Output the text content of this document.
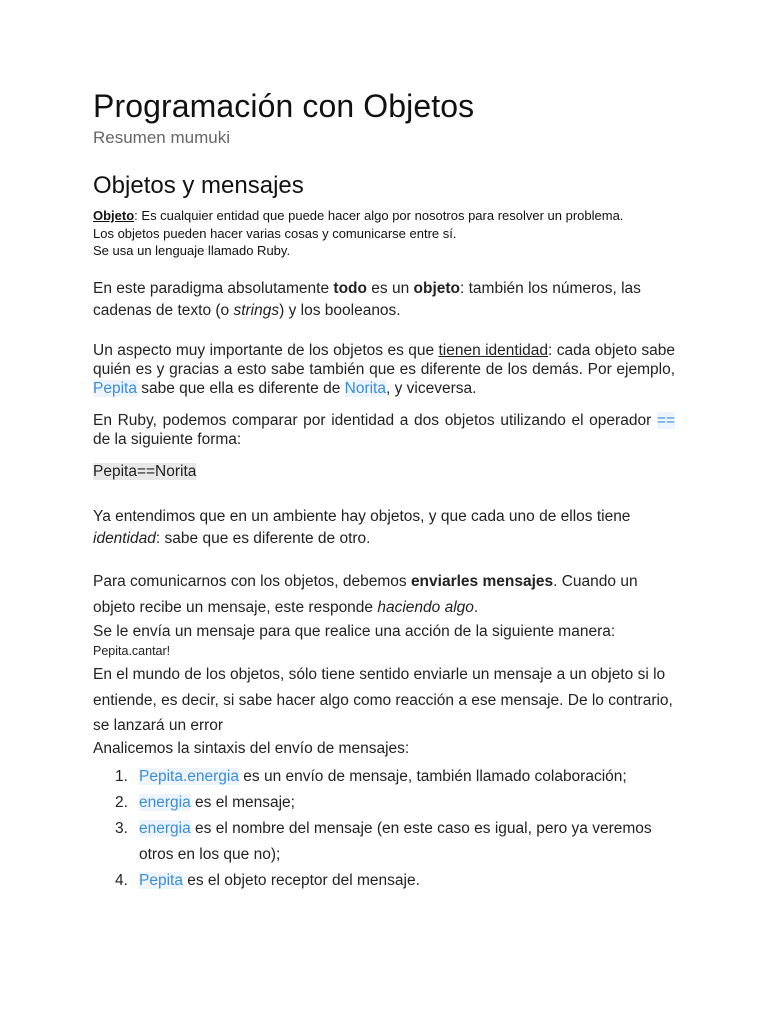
Programación con Objetos
Resumen mumuki
Objetos y mensajes
Objeto: Es cualquier entidad que puede hacer algo por nosotros para resolver un problema.
Los objetos pueden hacer varias cosas y comunicarse entre sí.
Se usa un lenguaje llamado Ruby.

En este paradigma absolutamente todo es un objeto: también los números, las cadenas de texto (o strings) y los booleanos.

Un aspecto muy importante de los objetos es que tienen identidad: cada objeto sabe quién es y gracias a esto sabe también que es diferente de los demás. Por ejemplo, Pepita sabe que ella es diferente de Norita, y viceversa.

En Ruby, podemos comparar por identidad a dos objetos utilizando el operador == de la siguiente forma:

Pepita==Norita

Ya entendimos que en un ambiente hay objetos, y que cada uno de ellos tiene identidad: sabe que es diferente de otro.

Para comunicarnos con los objetos, debemos enviarles mensajes. Cuando un objeto recibe un mensaje, este responde haciendo algo.

Se le envía un mensaje para que realice una acción de la siguiente manera:
Pepita.cantar!

En el mundo de los objetos, sólo tiene sentido enviarle un mensaje a un objeto si lo entiende, es decir, si sabe hacer algo como reacción a ese mensaje. De lo contrario, se lanzará un error

Analicemos la sintaxis del envío de mensajes:

1. Pepita.energia es un envío de mensaje, también llamado colaboración;
2. energia es el mensaje;
3. energia es el nombre del mensaje (en este caso es igual, pero ya veremos otros en los que no);
4. Pepita es el objeto receptor del mensaje.
